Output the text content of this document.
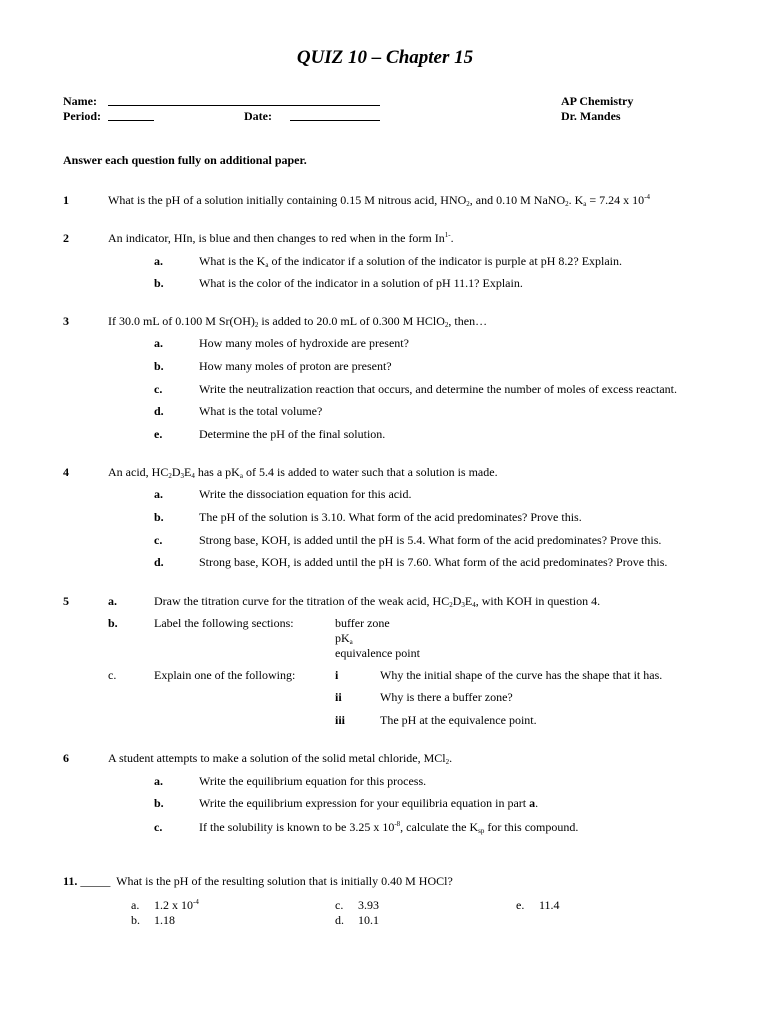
QUIZ 10 – Chapter 15
Name:
Period:	Date:
AP Chemistry
Dr. Mandes
Answer each question fully on additional paper.
1	What is the pH of a solution initially containing 0.15 M nitrous acid, $HNO_2$, and 0.10 M NaNO$_2$. $K_a = 7.24$ x $10^{-4}$
2	An indicator, HIn, is blue and then changes to red when in the form $In^{1-}$.
a.	What is the $K_a$ of the indicator if a solution of the indicator is purple at pH 8.2? Explain.
b.	What is the color of the indicator in a solution of pH 11.1? Explain.
3	If 30.0 mL of 0.100 M $Sr(OH)_2$ is added to 20.0 mL of 0.300 M HClO$_2$, then…
a.	How many moles of hydroxide are present?
b.	How many moles of proton are present?
c.	Write the neutralization reaction that occurs, and determine the number of moles of excess reactant.
d.	What is the total volume?
e.	Determine the pH of the final solution.
4	An acid, $HC_2D_3E_4$ has a $pK_a$ of 5.4 is added to water such that a solution is made.
a.	Write the dissociation equation for this acid.
b.	The pH of the solution is 3.10. What form of the acid predominates? Prove this.
c.	Strong base, KOH, is added until the pH is 5.4. What form of the acid predominates? Prove this.
d.	Strong base, KOH, is added until the pH is 7.60. What form of the acid predominates? Prove this.
5	a.	Draw the titration curve for the titration of the weak acid, $HC_2D_3E_4$, with KOH in question 4.
b.	Label the following sections:	buffer zone
$pK_a$
equivalence point
c.	Explain one of the following:	i	Why the initial shape of the curve has the shape that it has.
ii	Why is there a buffer zone?
iii	The pH at the equivalence point.
6	A student attempts to make a solution of the solid metal chloride, MCl$_2$.
a.	Write the equilibrium equation for this process.
b.	Write the equilibrium expression for your equilibria equation in part a.
c.	If the solubility is known to be 3.25 x $10^{-8}$, calculate the $K_{sp}$ for this compound.
11. _____ What is the pH of the resulting solution that is initially 0.40 M HOCl?
a. 1.2 x $10^{-4}$
b. 1.18
c. 3.93
d. 10.1
e. 11.4
